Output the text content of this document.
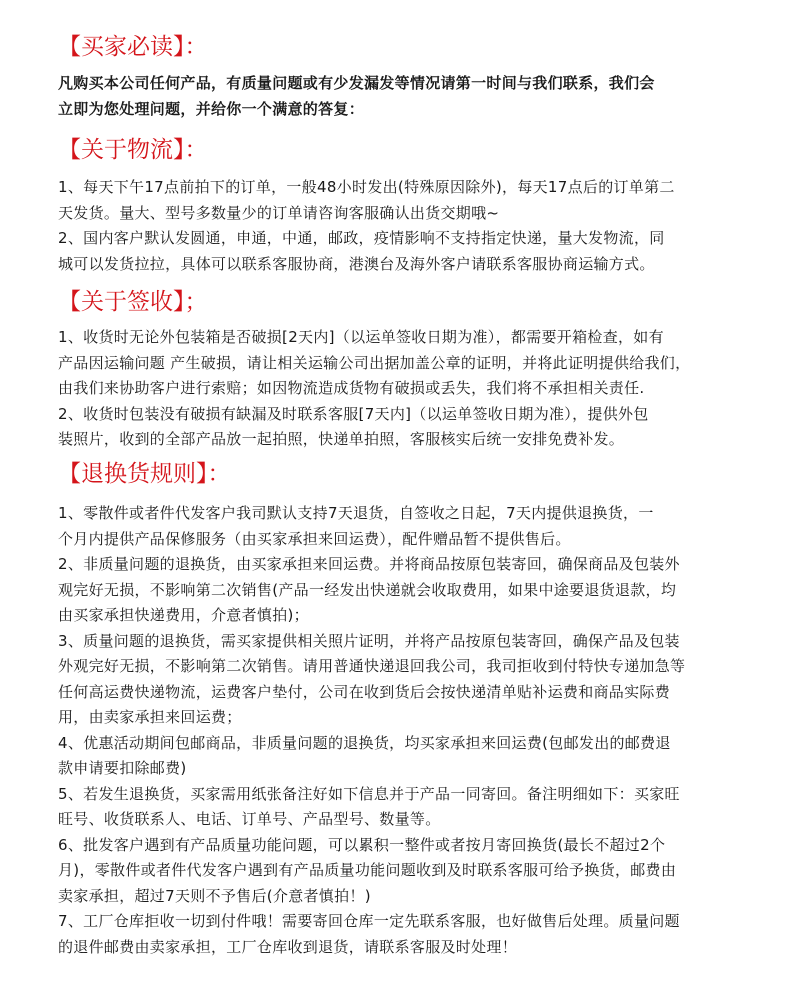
【买家必读】：
凡购买本公司任何产品，有质量问题或有少发漏发等情况请第一时间与我们联系，我们会
立即为您处理问题，并给你一个满意的答复：
【关于物流】：
1、每天下午17点前拍下的订单，一般48小时发出(特殊原因除外)，每天17点后的订单第二
天发货。量大、型号多数量少的订单请咨询客服确认出货交期哦~
2、国内客户默认发圆通，申通，中通，邮政，疫情影响不支持指定快递，量大发物流，同
城可以发货拉拉，具体可以联系客服协商，港澳台及海外客户请联系客服协商运输方式。
【关于签收】；
1、收货时无论外包装箱是否破损[2天内]（以运单签收日期为准），都需要开箱检查，如有
产品因运输问题 产生破损，请让相关运输公司出据加盖公章的证明，并将此证明提供给我们，
由我们来协助客户进行索赔；如因物流造成货物有破损或丢失，我们将不承担相关责任.
2、收货时包装没有破损有缺漏及时联系客服[7天内]（以运单签收日期为准），提供外包
装照片，收到的全部产品放一起拍照，快递单拍照，客服核实后统一安排免费补发。
【退换货规则】：
1、零散件或者件代发客户我司默认支持7天退货，自签收之日起，7天内提供退换货，一
个月内提供产品保修服务（由买家承担来回运费），配件赠品暂不提供售后。
2、非质量问题的退换货，由买家承担来回运费。并将商品按原包装寄回，确保商品及包装外
观完好无损，不影响第二次销售(产品一经发出快递就会收取费用，如果中途要退货退款，均
由买家承担快递费用，介意者慎拍)；
3、质量问题的退换货，需买家提供相关照片证明，并将产品按原包装寄回，确保产品及包装
外观完好无损，不影响第二次销售。请用普通快递退回我公司，我司拒收到付特快专递加急等
任何高运费快递物流，运费客户垫付，公司在收到货后会按快递清单贴补运费和商品实际费
用，由卖家承担来回运费；
4、优惠活动期间包邮商品，非质量问题的退换货，均买家承担来回运费(包邮发出的邮费退
款申请要扣除邮费)
5、若发生退换货，买家需用纸张备注好如下信息并于产品一同寄回。备注明细如下：买家旺
旺号、收货联系人、电话、订单号、产品型号、数量等。
6、批发客户遇到有产品质量功能问题，可以累积一整件或者按月寄回换货(最长不超过2个
月)，零散件或者件代发客户遇到有产品质量功能问题收到及时联系客服可给予换货，邮费由
卖家承担，超过7天则不予售后(介意者慎拍！)
7、工厂仓库拒收一切到付件哦！需要寄回仓库一定先联系客服，也好做售后处理。质量问题
的退件邮费由卖家承担，工厂仓库收到退货，请联系客服及时处理！
